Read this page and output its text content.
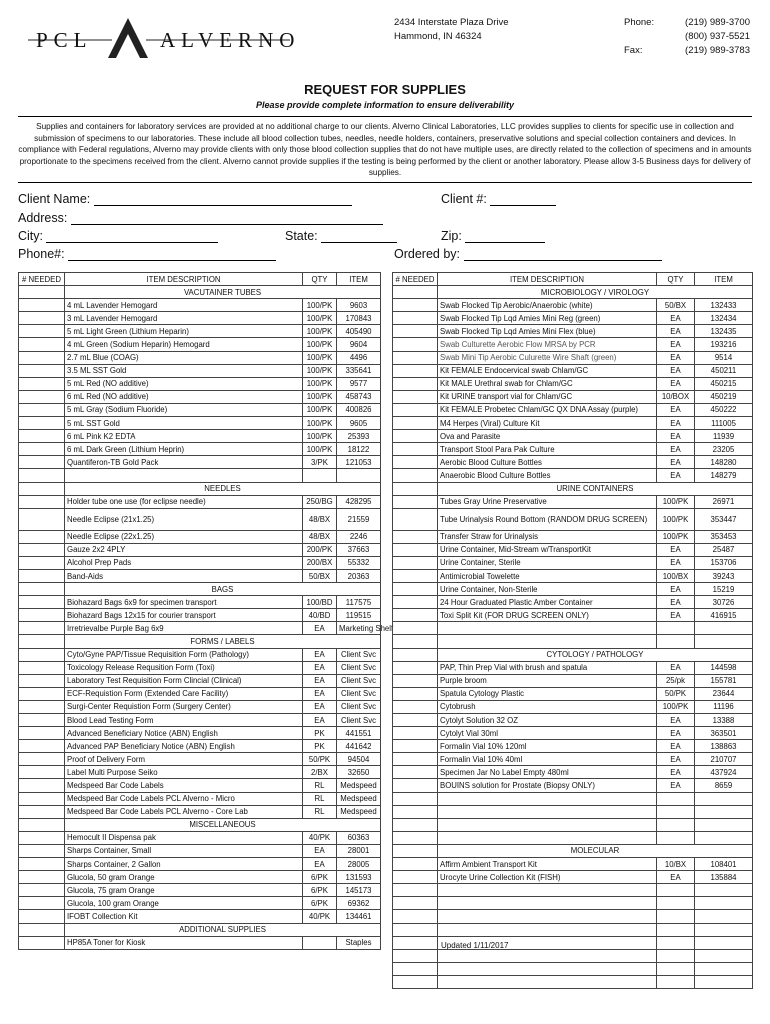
PCL	ALVERNO
2434 Interstate Plaza Drive
Hammond, IN 46324
Phone:	(219) 989-3700
(800) 937-5521
Fax:	(219) 989-3783
REQUEST FOR SUPPLIES
Please provide complete information to ensure deliverability
Supplies and containers for laboratory services are provided at no additional charge to our clients. Alverno Clinical Laboratories, LLC provides supplies to clients for specific use in collection and submission of specimens to our laboratories. These include all blood collection tubes, needles, needle holders, containers, preservative solutions and special collection containers and devices. In compliance with Federal regulations, Alverno may provide clients with only those blood collection supplies that do not have multiple uses, are directly related to the collection of specimens and in amounts proportionate to the specimens received from the client. Alverno cannot provide supplies if the testing is being performed by the client or another laboratory. Please allow 3-5 Business days for delivery of supplies.
Client Name:	Client #:
Address:
City:	State:	Zip:
Phone#:	Ordered by:
# NEEDED	ITEM DESCRIPTION	QTY	ITEM
	VACUTAINER TUBES		
	4 mL Lavender Hemogard	100/PK	9603
	3 mL Lavender Hemogard	100/PK	170843
	5 mL Light Green (Lithium Heparin)	100/PK	405490
	4 mL Green (Sodium Heparin) Hemogard	100/PK	9604
	2.7 mL Blue (COAG)	100/PK	4496
	3.5 ML SST Gold	100/PK	335641
	5 mL Red (NO additive)	100/PK	9577
	6 mL Red (NO additive)	100/PK	458743
	5 mL Gray (Sodium Fluoride)	100/PK	400826
	5 mL SST Gold	100/PK	9605
	6 mL Pink K2 EDTA	100/PK	25393
	6 mL Dark Green (Lithium Heprin)	100/PK	18122
	Quantiferon-TB Gold Pack	3/PK	121053

	NEEDLES		
	Holder tube one use (for eclipse needle)	250/BG	428295
	Needle Eclipse (21x1.25)	48/BX	21559
	Needle Eclipse (22x1.25)	48/BX	2246
	Gauze 2x2 4PLY	200/PK	37663
	Alcohol Prep Pads	200/BX	55332
	Band-Aids	50/BX	20363
	BAGS		
	Biohazard Bags 6x9 for specimen transport	100/BD	117575
	Biohazard Bags 12x15 for courier transport	40/BD	119515
	Irretrievalbe Purple Bag 6x9	EA	Marketing Shelf
	FORMS / LABELS		
	Cyto/Gyne PAP/Tissue Requisition Form (Pathology)	EA	Client Svc
	Toxicology Release Requsition Form (Toxi)	EA	Client Svc
	Laboratory Test Requisition Form Clincial (Clinical)	EA	Client Svc
	ECF-Requistion Form (Extended Care Facility)	EA	Client Svc
	Surgi-Center Requistion Form (Surgery Center)	EA	Client Svc
	Blood Lead Testing Form	EA	Client Svc
	Advanced Beneficiary Notice (ABN) English	PK	441551
	Advanced PAP Beneficiary Notice (ABN) English	PK	441642
	Proof of Delivery Form	50/PK	94504
	Label Multi Purpose Seiko	2/BX	32650
	Medspeed Bar Code Labels	RL	Medspeed
	Medspeed Bar Code Labels PCL Alverno - Micro	RL	Medspeed
	Medspeed Bar Code Labels PCL Alverno - Core Lab	RL	Medspeed
	MISCELLANEOUS		
	Hemocult II Dispensa pak	40/PK	60363
	Sharps Container, Small	EA	28001
	Sharps Container, 2 Gallon	EA	28005
	Glucola, 50 gram Orange	6/PK	131593
	Glucola, 75 gram Orange	6/PK	145173
	Glucola, 100 gram Orange	6/PK	69362
	IFOBT Collection Kit	40/PK	134461
	ADDITIONAL SUPPLIES		
	HP85A Toner for Kiosk		Staples
# NEEDED	ITEM DESCRIPTION	QTY	ITEM
	MICROBIOLOGY / VIROLOGY		
	Swab Flocked Tip Aerobic/Anaerobic (white)	50/BX	132433
	Swab Flocked Tip Lqd Amies Mini Reg (green)	EA	132434
	Swab Flocked Tip Lqd Amies Mini Flex (blue)	EA	132435
	Swab Culturette Aerobic Flow MRSA by PCR	EA	193216
	Swab Mini Tip Aerobic Culurette Wire Shaft (green)	EA	9514
	Kit FEMALE Endocervical swab Chlam/GC	EA	450211
	Kit MALE Urethral swab for Chlam/GC	EA	450215
	Kit URINE transport vial for Chlam/GC	10/BOX	450219
	Kit FEMALE Probetec Chlam/GC QX DNA Assay (purple)	EA	450222
	M4 Herpes (Viral) Culture Kit	EA	111005
	Ova and Parasite	EA	11939
	Transport Stool Para Pak Culture	EA	23205
	Aerobic Blood Culture Bottles	EA	148280
	Anaerobic Blood Culture Bottles	EA	148279
	URINE CONTAINERS		
	Tubes Gray Urine Preservative	100/PK	26971
	Tube Urinalysis Round Bottom (RANDOM DRUG SCREEN)	100/PK	353447
	Transfer Straw for Urinalysis	100/PK	353453
	Urine Container, Mid-Stream w/TransportKit	EA	25487
	Urine Container, Sterile	EA	153706
	Antimicrobial Towelette	100/BX	39243
	Urine Container, Non-Sterile	EA	15219
	24 Hour Graduated Plastic Amber Container	EA	30726
	Toxi Split Kit (FOR DRUG SCREEN ONLY)	EA	416915

	CYTOLOGY / PATHOLOGY		
	PAP, Thin Prep Vial with brush and spatula	EA	144598
	Purple broom	25/pk	155781
	Spatula Cytology Plastic	50/PK	23644
	Cytobrush	100/PK	11196
	Cytolyt Solution 32 OZ	EA	13388
	Cytolyt Vial 30ml	EA	363501
	Formalin Vial 10% 120ml	EA	138863
	Formalin Vial 10% 40ml	EA	210707
	Specimen Jar No Label Empty 480ml	EA	437924
	BOUINS solution for Prostate (Biopsy ONLY)	EA	8659

	MOLECULAR		
	Affirm Ambient Transport Kit	10/BX	108401
	Urocyte Urine Collection Kit (FISH)	EA	135884

Updated 1/11/2017
